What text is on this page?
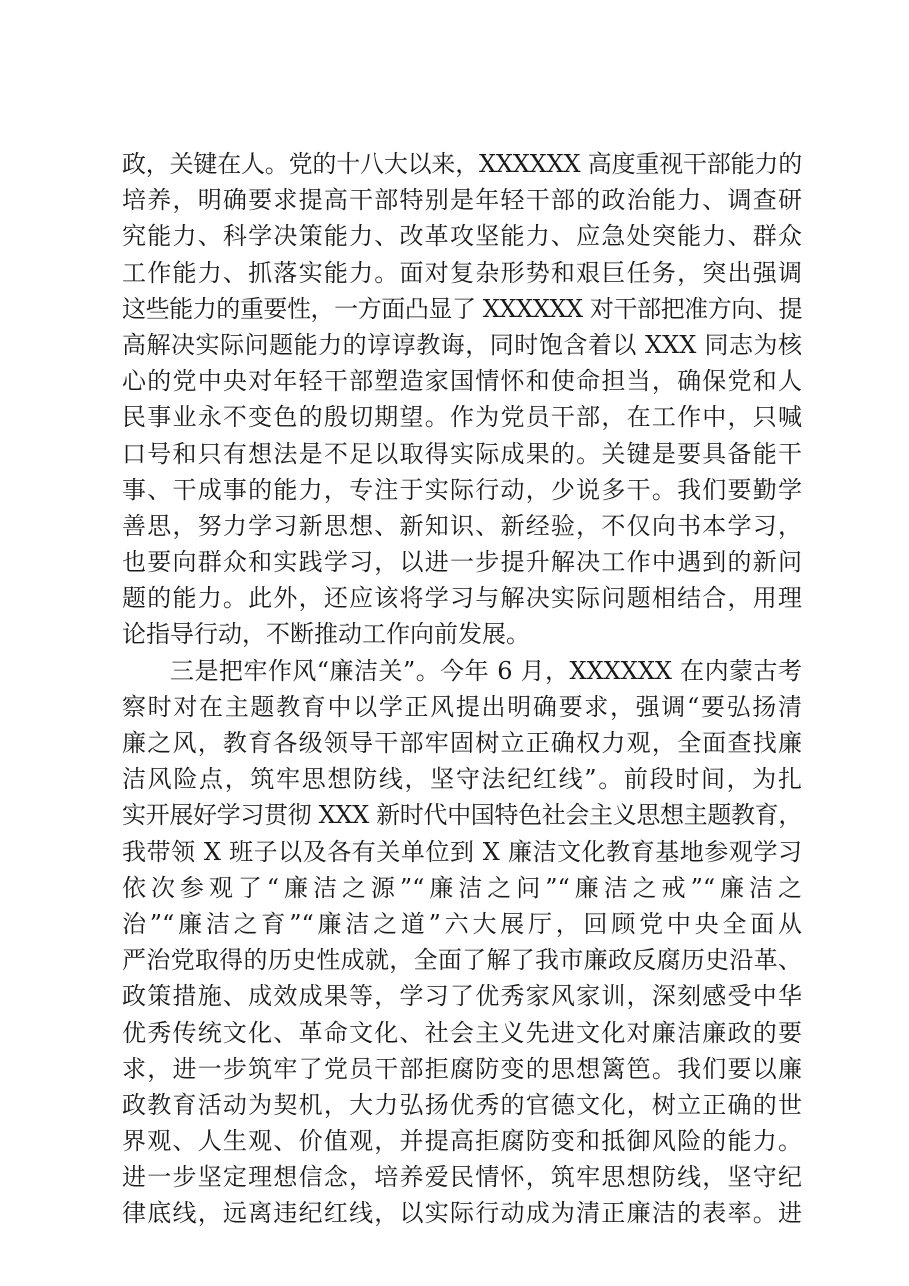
政，关键在人。党的十八大以来，XXXXXX 高度重视干部能力的
培养，明确要求提高干部特别是年轻干部的政治能力、调查研
究能力、科学决策能力、改革攻坚能力、应急处突能力、群众
工作能力、抓落实能力。面对复杂形势和艰巨任务，突出强调
这些能力的重要性，一方面凸显了 XXXXXX 对干部把准方向、提
高解决实际问题能力的谆谆教诲，同时饱含着以 XXX 同志为核
心的党中央对年轻干部塑造家国情怀和使命担当，确保党和人
民事业永不变色的殷切期望。作为党员干部，在工作中，只喊
口号和只有想法是不足以取得实际成果的。关键是要具备能干
事、干成事的能力，专注于实际行动，少说多干。我们要勤学
善思，努力学习新思想、新知识、新经验，不仅向书本学习，
也要向群众和实践学习，以进一步提升解决工作中遇到的新问
题的能力。此外，还应该将学习与解决实际问题相结合，用理
论指导行动，不断推动工作向前发展。
三是把牢作风“廉洁关”。今年 6 月，XXXXXX 在内蒙古考
察时对在主题教育中以学正风提出明确要求，强调“要弘扬清
廉之风，教育各级领导干部牢固树立正确权力观，全面查找廉
洁风险点，筑牢思想防线，坚守法纪红线”。前段时间，为扎
实开展好学习贯彻 XXX 新时代中国特色社会主义思想主题教育，
我带领 X 班子以及各有关单位到 X 廉洁文化教育基地参观学习
依次参观了“廉洁之源”“廉洁之问”“廉洁之戒”“廉洁之
治”“廉洁之育”“廉洁之道”六大展厅，回顾党中央全面从
严治党取得的历史性成就，全面了解了我市廉政反腐历史沿革、
政策措施、成效成果等，学习了优秀家风家训，深刻感受中华
优秀传统文化、革命文化、社会主义先进文化对廉洁廉政的要
求，进一步筑牢了党员干部拒腐防变的思想篱笆。我们要以廉
政教育活动为契机，大力弘扬优秀的官德文化，树立正确的世
界观、人生观、价值观，并提高拒腐防变和抵御风险的能力。
进一步坚定理想信念，培养爱民情怀，筑牢思想防线，坚守纪
律底线，远离违纪红线，以实际行动成为清正廉洁的表率。进
